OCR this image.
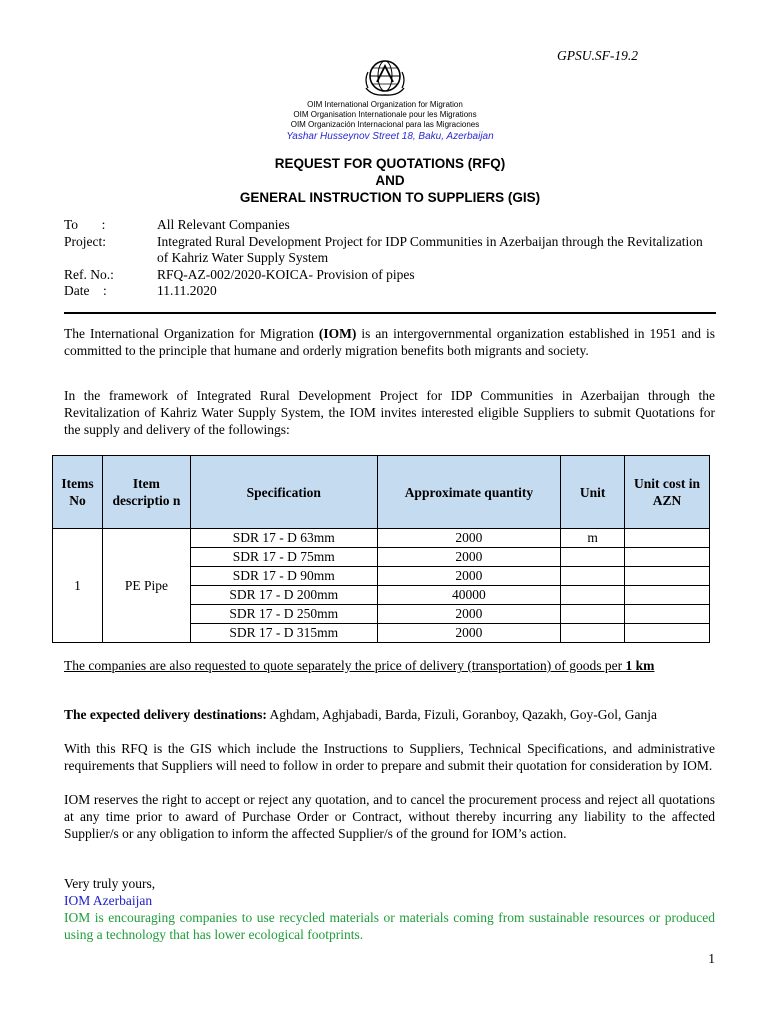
GPSU.SF-19.2
OIM International Organization for Migration
OIM Organisation Internationale pour les Migrations
OIM Organización Internacional para las Migraciones
Yashar Husseynov Street 18, Baku, Azerbaijan
REQUEST FOR QUOTATIONS (RFQ)
AND
GENERAL INSTRUCTION TO SUPPLIERS (GIS)
To       :	All Relevant Companies
Project:	Integrated Rural Development Project for IDP Communities in Azerbaijan through the Revitalization of Kahriz Water Supply System
Ref. No.:	RFQ-AZ-002/2020-KOICA- Provision of pipes
Date    :	11.11.2020
The International Organization for Migration (IOM) is an intergovernmental organization established in 1951 and is committed to the principle that humane and orderly migration benefits both migrants and society.
In the framework of Integrated Rural Development Project for IDP Communities in Azerbaijan through the Revitalization of Kahriz Water Supply System, the IOM invites interested eligible Suppliers to submit Quotations for the supply and delivery of the followings:
Items No	Item descriptio n	Specification	Approximate quantity	Unit	Unit cost in AZN
1	PE Pipe	SDR 17 - D 63mm	2000	m	
		SDR 17 - D 75mm	2000		
		SDR 17 - D 90mm	2000		
		SDR 17 - D 200mm	40000		
		SDR 17 - D 250mm	2000		
		SDR 17 - D 315mm	2000		
The companies are also requested to quote separately the price of delivery (transportation) of goods per 1 km
The expected delivery destinations: Aghdam, Aghjabadi, Barda, Fizuli, Goranboy, Qazakh, Goy-Gol, Ganja
With this RFQ is the GIS which include the Instructions to Suppliers, Technical Specifications, and administrative requirements that Suppliers will need to follow in order to prepare and submit their quotation for consideration by IOM.
IOM reserves the right to accept or reject any quotation, and to cancel the procurement process and reject all quotations at any time prior to award of Purchase Order or Contract, without thereby incurring any liability to the affected Supplier/s or any obligation to inform the affected Supplier/s of the ground for IOM’s action.
Very truly yours,
IOM Azerbaijan
IOM is encouraging companies to use recycled materials or materials coming from sustainable resources or produced using a technology that has lower ecological footprints.
1
